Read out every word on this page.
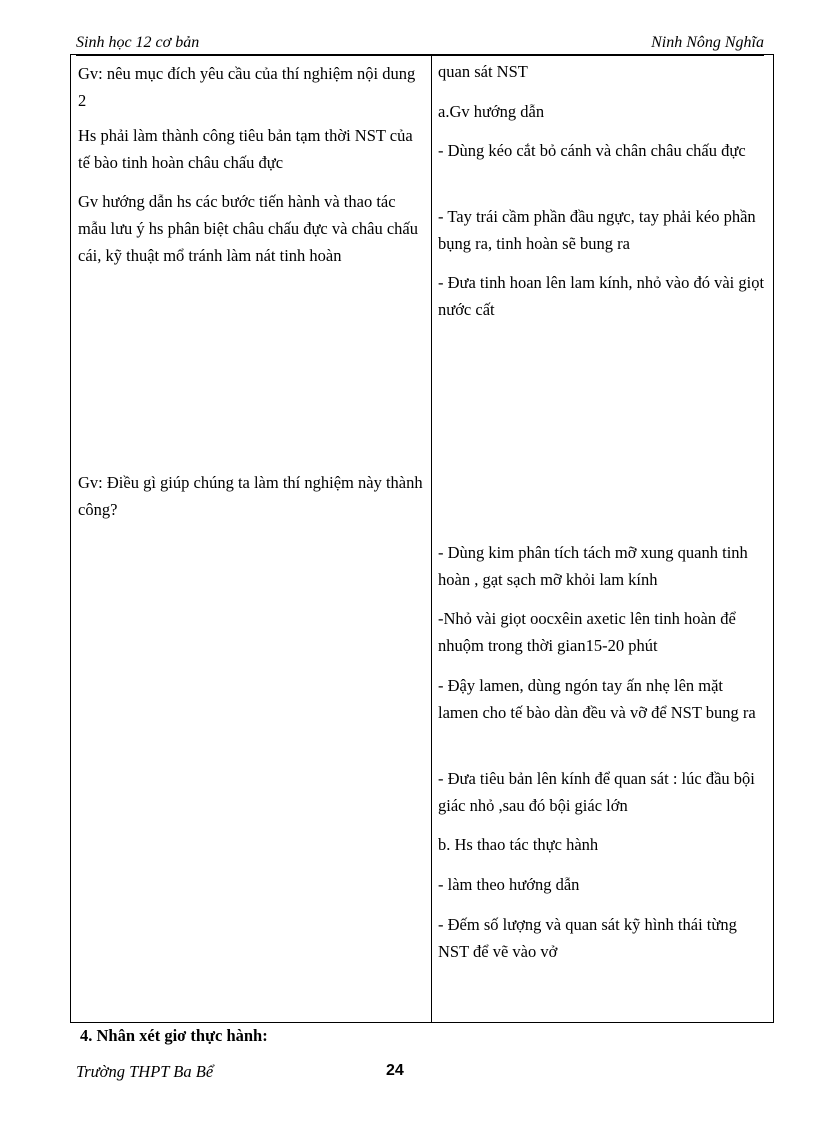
Sinh học 12 cơ bản	Ninh Nông Nghĩa

Gv: nêu mục đích yêu cầu của thí nghiệm nội dung 2

Hs phải làm thành công tiêu bản tạm thời NST của tế bào tinh hoàn châu chấu đực

Gv hướng dẫn hs các bước tiến hành và thao tác mẫu lưu ý hs phân biệt châu chấu đực và châu chấu cái, kỹ thuật mổ tránh làm nát tinh hoàn

Gv: Điều gì giúp chúng ta làm thí nghiệm này thành công?

quan sát NST

a.Gv hướng dẫn

- Dùng kéo cắt bỏ cánh và chân châu chấu đực

- Tay trái cầm phần đầu ngực, tay phải kéo phần bụng ra, tinh hoàn sẽ bung ra

- Đưa tinh hoan lên lam kính, nhỏ vào đó vài giọt nước cất

- Dùng kim phân tích tách mỡ xung quanh tinh hoàn , gạt sạch mỡ khỏi lam kính

-Nhỏ vài giọt oocxêin axetic lên tinh hoàn để nhuộm trong thời gian15-20 phút

- Đậy lamen, dùng ngón tay ấn nhẹ lên mặt lamen cho tế bào dàn đều và vỡ để NST bung ra

- Đưa tiêu bản lên kính để quan sát : lúc đầu bội giác nhỏ ,sau đó bội giác lớn

b. Hs thao tác thực hành

- làm theo hướng dẫn

- Đếm số lượng và quan sát kỹ hình thái từng NST để vẽ vào vở

4. Nhân xét giơ thực hành:
Trường THPT Ba Bể	24
